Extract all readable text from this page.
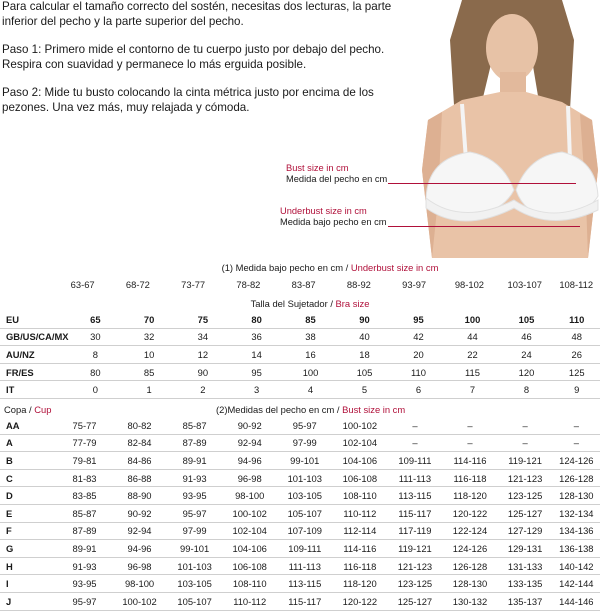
Para calcular el tamaño correcto del sostén, necesitas dos lecturas, la parte inferior del pecho y la parte superior del pecho.

Paso 1: Primero mide el contorno de tu cuerpo justo por debajo del pecho. Respira con suavidad y permanece lo más erguida posible.

Paso 2: Mide tu busto colocando la cinta métrica justo por encima de los pezones. Una vez más, muy relajada y cómoda.

Bust size in cm
Medida del pecho en cm
Underbust size in cm
Medida bajo pecho en cm
(1) Medida bajo pecho en cm / Underbust size in cm
	63-67	68-72	73-77	78-82	83-87	88-92	93-97	98-102	103-107	108-112
Talla del Sujetador / Bra size
EU	65	70	75	80	85	90	95	100	105	110
GB/US/CA/MX	30	32	34	36	38	40	42	44	46	48
AU/NZ	8	10	12	14	16	18	20	22	24	26
FR/ES	80	85	90	95	100	105	110	115	120	125
IT	0	1	2	3	4	5	6	7	8	9
Copa / Cup	(2)Medidas del pecho en cm / Bust size in cm
AA	75-77	80-82	85-87	90-92	95-97	100-102	–	–	–	–
A	77-79	82-84	87-89	92-94	97-99	102-104	–	–	–	–
B	79-81	84-86	89-91	94-96	99-101	104-106	109-111	114-116	119-121	124-126
C	81-83	86-88	91-93	96-98	101-103	106-108	111-113	116-118	121-123	126-128
D	83-85	88-90	93-95	98-100	103-105	108-110	113-115	118-120	123-125	128-130
E	85-87	90-92	95-97	100-102	105-107	110-112	115-117	120-122	125-127	132-134
F	87-89	92-94	97-99	102-104	107-109	112-114	117-119	122-124	127-129	134-136
G	89-91	94-96	99-101	104-106	109-111	114-116	119-121	124-126	129-131	136-138
H	91-93	96-98	101-103	106-108	111-113	116-118	121-123	126-128	131-133	140-142
I	93-95	98-100	103-105	108-110	113-115	118-120	123-125	128-130	133-135	142-144
J	95-97	100-102	105-107	110-112	115-117	120-122	125-127	130-132	135-137	144-146
